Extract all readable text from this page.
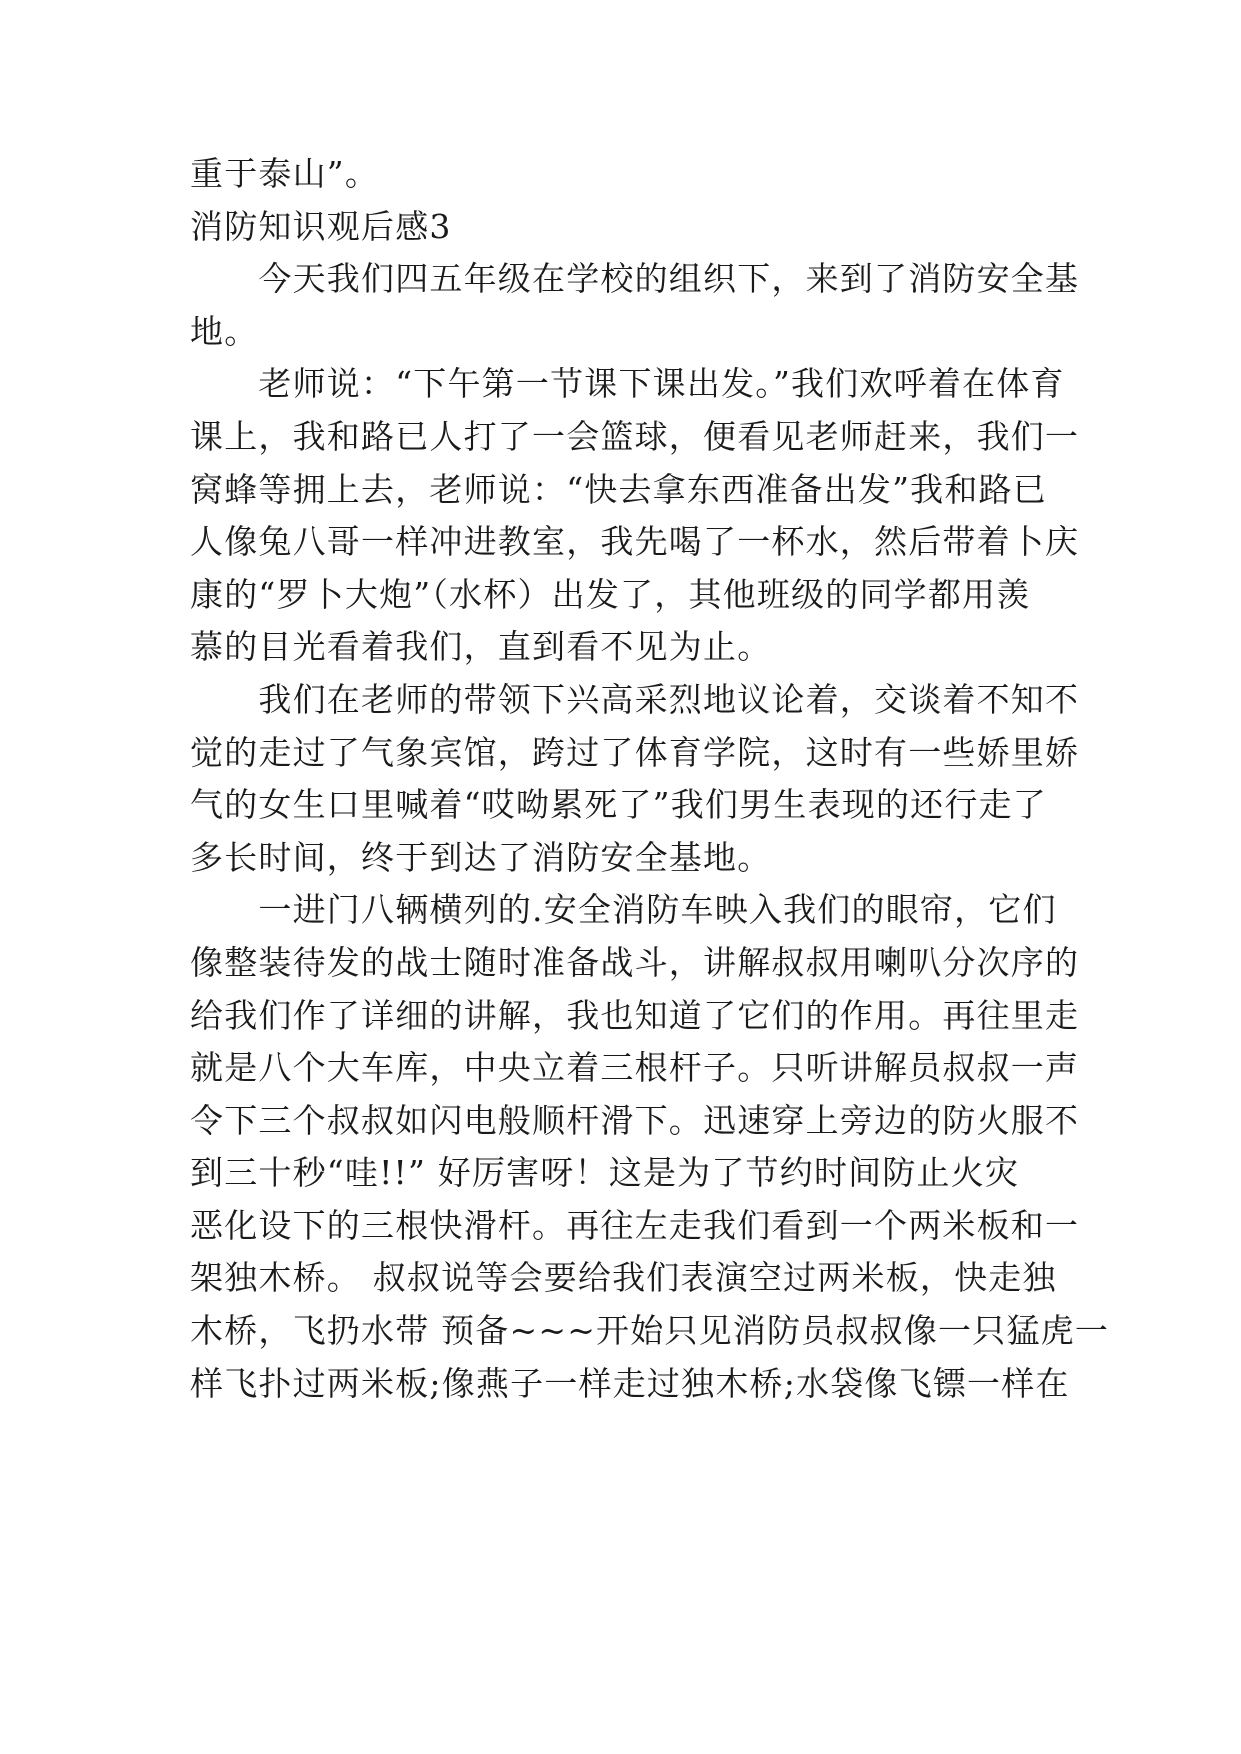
重于泰山”。
消防知识观后感3
　　今天我们四五年级在学校的组织下，来到了消防安全基
地。
　　老师说：“下午第一节课下课出发。”我们欢呼着在体育
课上，我和路已人打了一会篮球，便看见老师赶来，我们一
窝蜂等拥上去，老师说：“快去拿东西准备出发”我和路已
人像兔八哥一样冲进教室，我先喝了一杯水，然后带着卜庆
康的“罗卜大炮”（水杯）出发了，其他班级的同学都用羡
慕的目光看着我们，直到看不见为止。
　　我们在老师的带领下兴高采烈地议论着，交谈着不知不
觉的走过了气象宾馆，跨过了体育学院，这时有一些娇里娇
气的女生口里喊着“哎呦累死了”我们男生表现的还行走了
多长时间，终于到达了消防安全基地。
　　一进门八辆横列的.安全消防车映入我们的眼帘，它们
像整装待发的战士随时准备战斗，讲解叔叔用喇叭分次序的
给我们作了详细的讲解，我也知道了它们的作用。再往里走
就是八个大车库，中央立着三根杆子。只听讲解员叔叔一声
令下三个叔叔如闪电般顺杆滑下。迅速穿上旁边的防火服不
到三十秒“哇!!” 好厉害呀！这是为了节约时间防止火灾
恶化设下的三根快滑杆。再往左走我们看到一个两米板和一
架独木桥。 叔叔说等会要给我们表演空过两米板，快走独
木桥，飞扔水带 预备~~~开始只见消防员叔叔像一只猛虎一
样飞扑过两米板;像燕子一样走过独木桥;水袋像飞镖一样在
